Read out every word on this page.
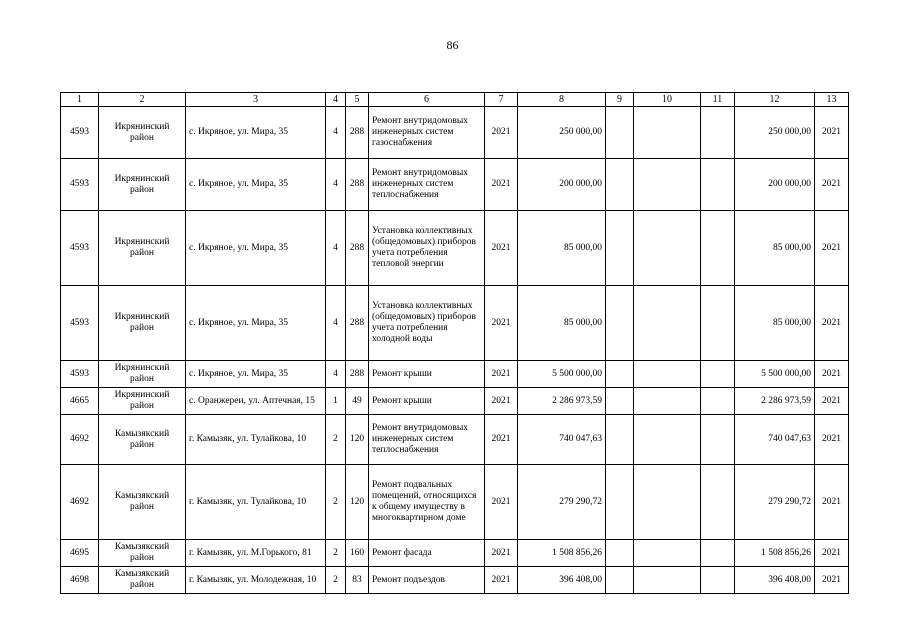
86
1	2	3	4	5	6	7	8	9	10	11	12	13
4593	Икрянинский район	с. Икряное, ул. Мира, 35	4	288	Ремонт внутридомовых инженерных систем газоснабжения	2021	250 000,00				250 000,00	2021
4593	Икрянинский район	с. Икряное, ул. Мира, 35	4	288	Ремонт внутридомовых инженерных систем теплоснабжения	2021	200 000,00				200 000,00	2021
4593	Икрянинский район	с. Икряное, ул. Мира, 35	4	288	Установка коллективных (общедомовых) приборов учета потребления тепловой энергии	2021	85 000,00				85 000,00	2021
4593	Икрянинский район	с. Икряное, ул. Мира, 35	4	288	Установка коллективных (общедомовых) приборов учета потребления холодной воды	2021	85 000,00				85 000,00	2021
4593	Икрянинский район	с. Икряное, ул. Мира, 35	4	288	Ремонт крыши	2021	5 500 000,00				5 500 000,00	2021
4665	Икрянинский район	с. Оранжереи, ул. Аптечная, 15	1	49	Ремонт крыши	2021	2 286 973,59				2 286 973,59	2021
4692	Камызякский район	г. Камызяк, ул. Тулайкова, 10	2	120	Ремонт внутридомовых инженерных систем теплоснабжения	2021	740 047,63				740 047,63	2021
4692	Камызякский район	г. Камызяк, ул. Тулайкова, 10	2	120	Ремонт подвальных помещений, относящихся к общему имуществу в многоквартирном доме	2021	279 290,72				279 290,72	2021
4695	Камызякский район	г. Камызяк, ул. М.Горького, 81	2	160	Ремонт фасада	2021	1 508 856,26				1 508 856,26	2021
4698	Камызякский район	г. Камызяк, ул. Молодежная, 10	2	83	Ремонт подъездов	2021	396 408,00				396 408,00	2021
